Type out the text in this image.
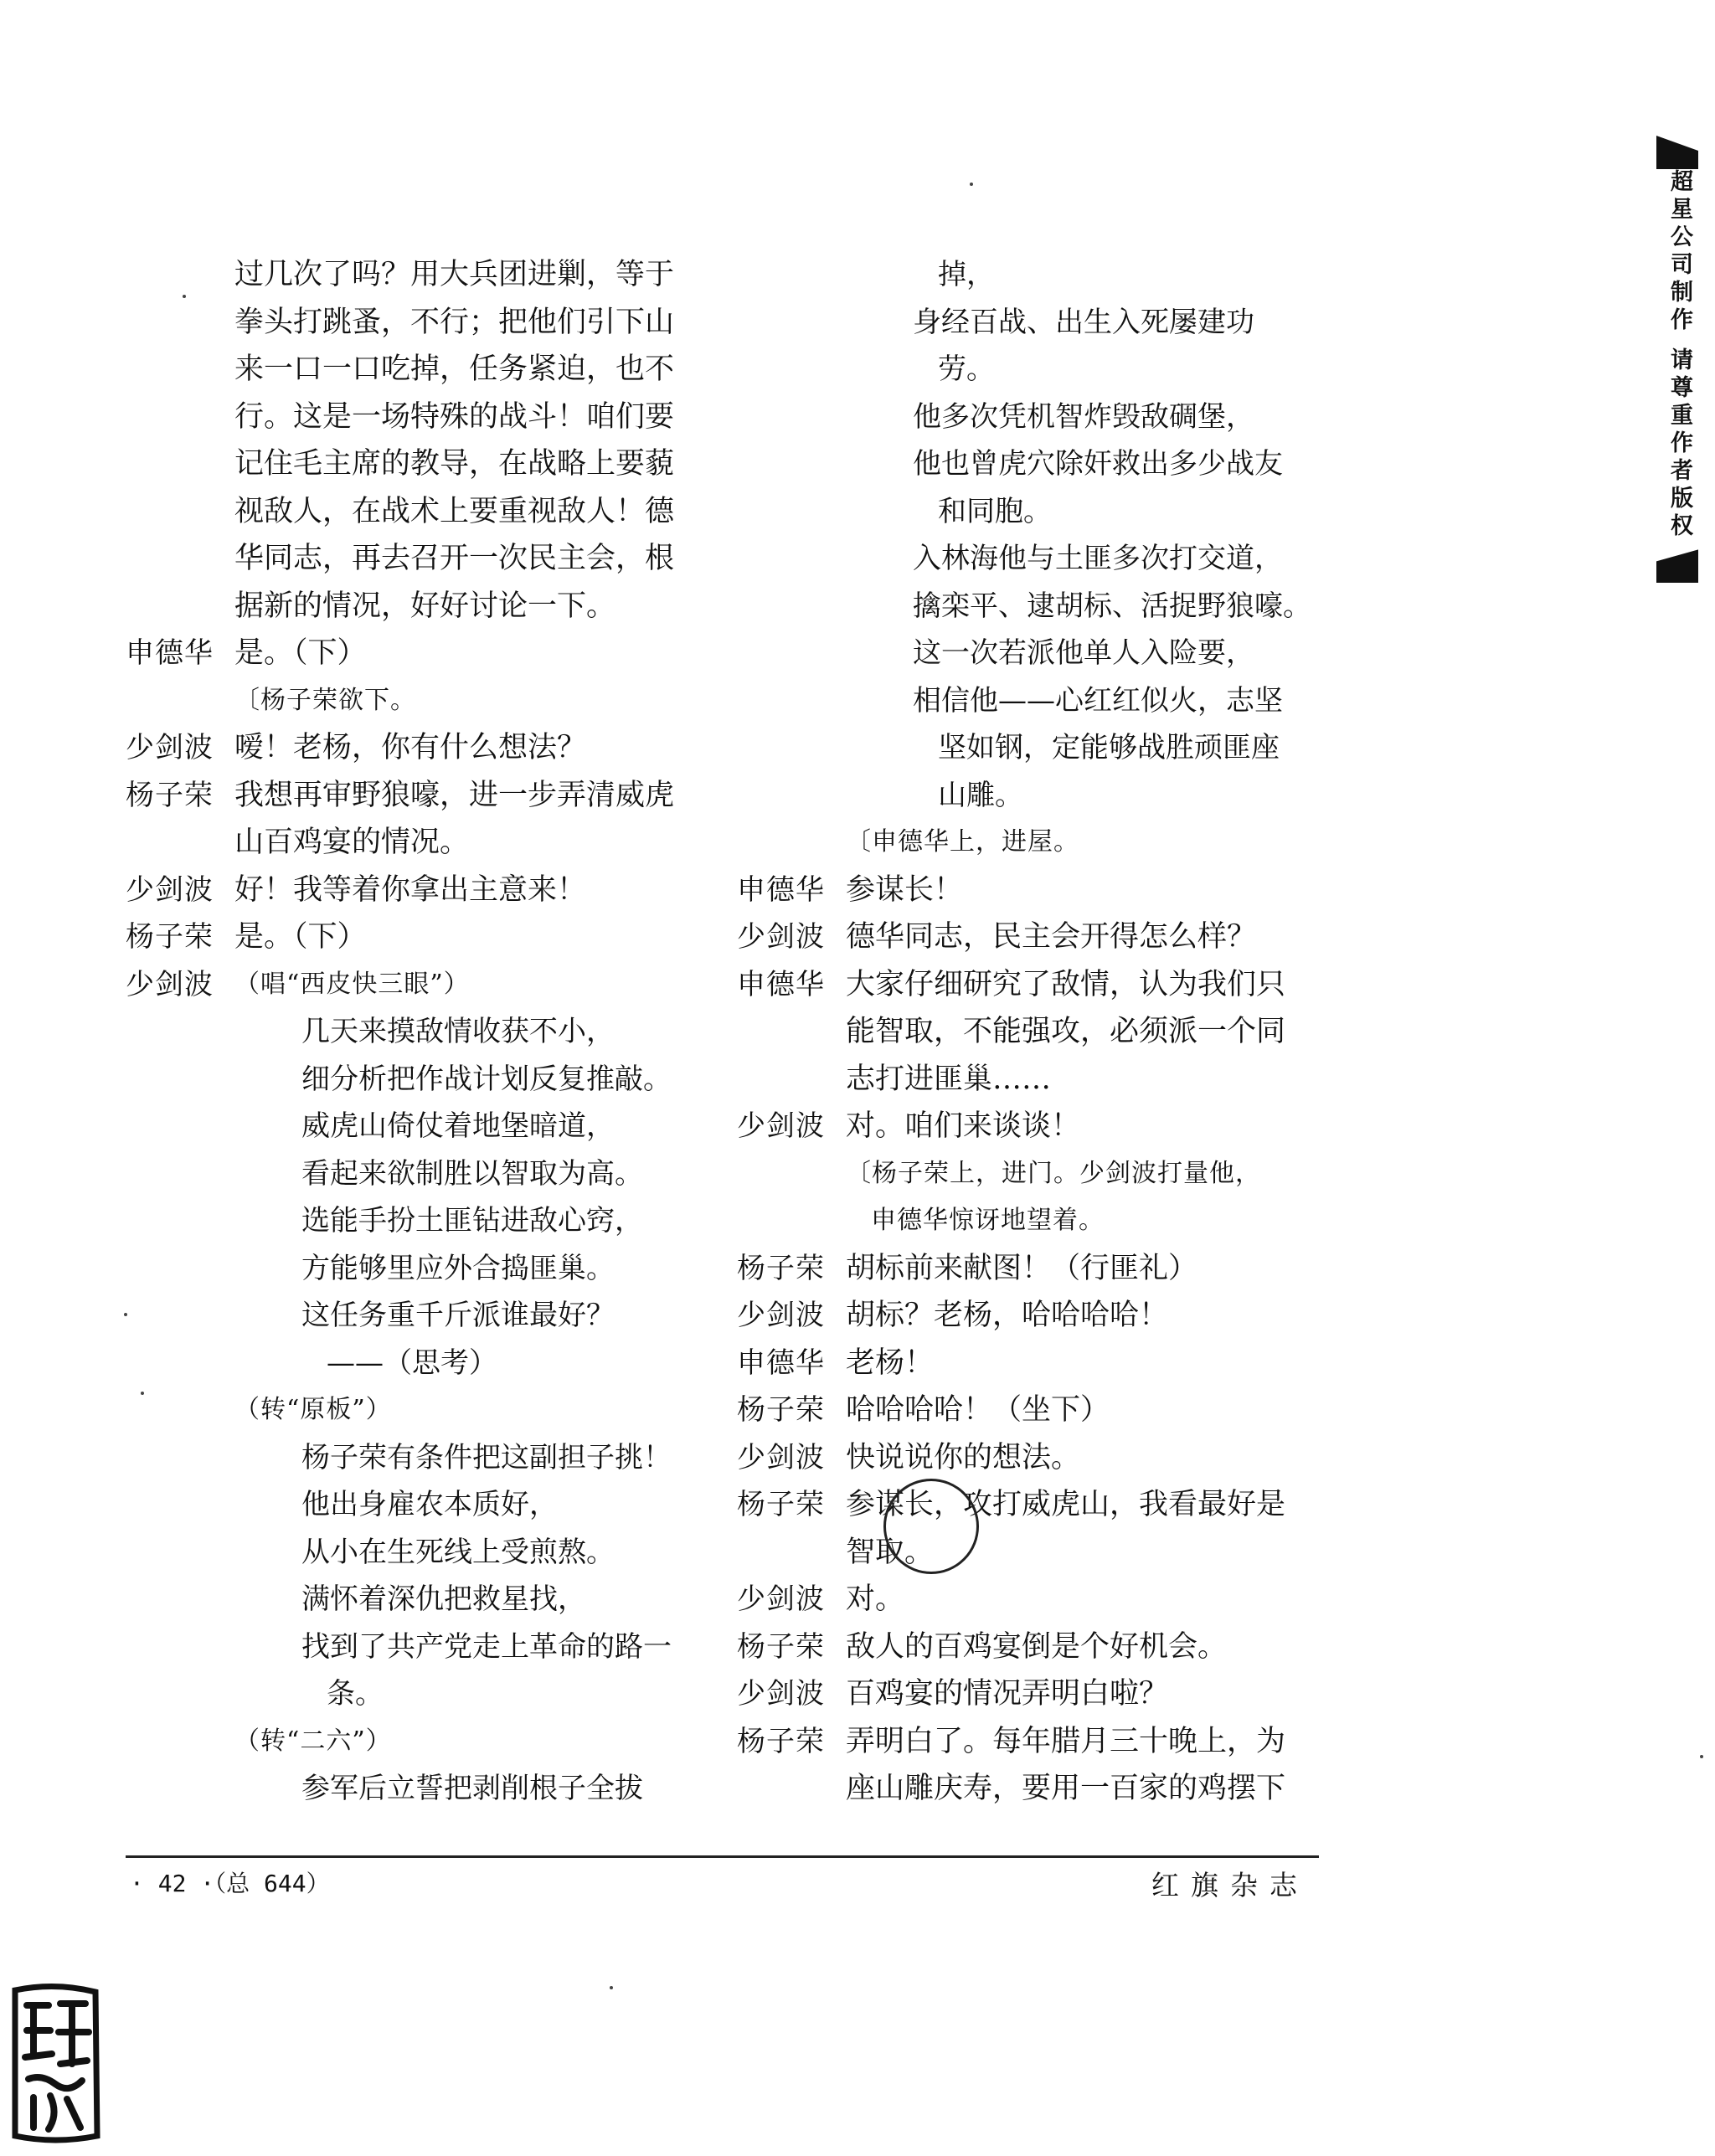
过几次了吗？用大兵团进剿，等于
拳头打跳蚤，不行；把他们引下山
来一口一口吃掉，任务紧迫，也不
行。这是一场特殊的战斗！咱们要
记住毛主席的教导，在战略上要藐
视敌人，在战术上要重视敌人！德
华同志，再去召开一次民主会，根
据新的情况，好好讨论一下。
申德华 是。（下）
〔杨子荣欲下。
少剑波 嗳！老杨，你有什么想法？
杨子荣 我想再审野狼嚎，进一步弄清威虎
山百鸡宴的情况。
少剑波 好！我等着你拿出主意来！
杨子荣 是。（下）
少剑波 （唱“西皮快三眼”）
几天来摸敌情收获不小，
细分析把作战计划反复推敲。
威虎山倚仗着地堡暗道，
看起来欲制胜以智取为高。
选能手扮土匪钻进敌心窍，
方能够里应外合捣匪巢。
这任务重千斤派谁最好？
——（思考）
（转“原板”）
杨子荣有条件把这副担子挑！
他出身雇农本质好，
从小在生死线上受煎熬。
满怀着深仇把救星找，
找到了共产党走上革命的路一
条。
（转“二六”）
参军后立誓把剥削根子全拔
掉，
身经百战、出生入死屡建功
劳。
他多次凭机智炸毁敌碉堡，
他也曾虎穴除奸救出多少战友
和同胞。
入林海他与土匪多次打交道，
擒栾平、逮胡标、活捉野狼嚎。
这一次若派他单人入险要，
相信他——心红红似火，志坚
坚如钢，定能够战胜顽匪座
山雕。
〔申德华上，进屋。
申德华 参谋长！
少剑波 德华同志，民主会开得怎么样？
申德华 大家仔细研究了敌情，认为我们只
能智取，不能强攻，必须派一个同
志打进匪巢……
少剑波 对。咱们来谈谈！
〔杨子荣上，进门。少剑波打量他，
申德华惊讶地望着。
杨子荣 胡标前来献图！（行匪礼）
少剑波 胡标？老杨，哈哈哈哈！
申德华 老杨！
杨子荣 哈哈哈哈！（坐下）
少剑波 快说说你的想法。
杨子荣 参谋长，攻打威虎山，我看最好是
智取。
少剑波 对。
杨子荣 敌人的百鸡宴倒是个好机会。
少剑波 百鸡宴的情况弄明白啦？
杨子荣 弄明白了。每年腊月三十晚上，为
座山雕庆寿，要用一百家的鸡摆下
· 42 ·（总 644）	红旗杂志
超星公司制作 请尊重作者版权
